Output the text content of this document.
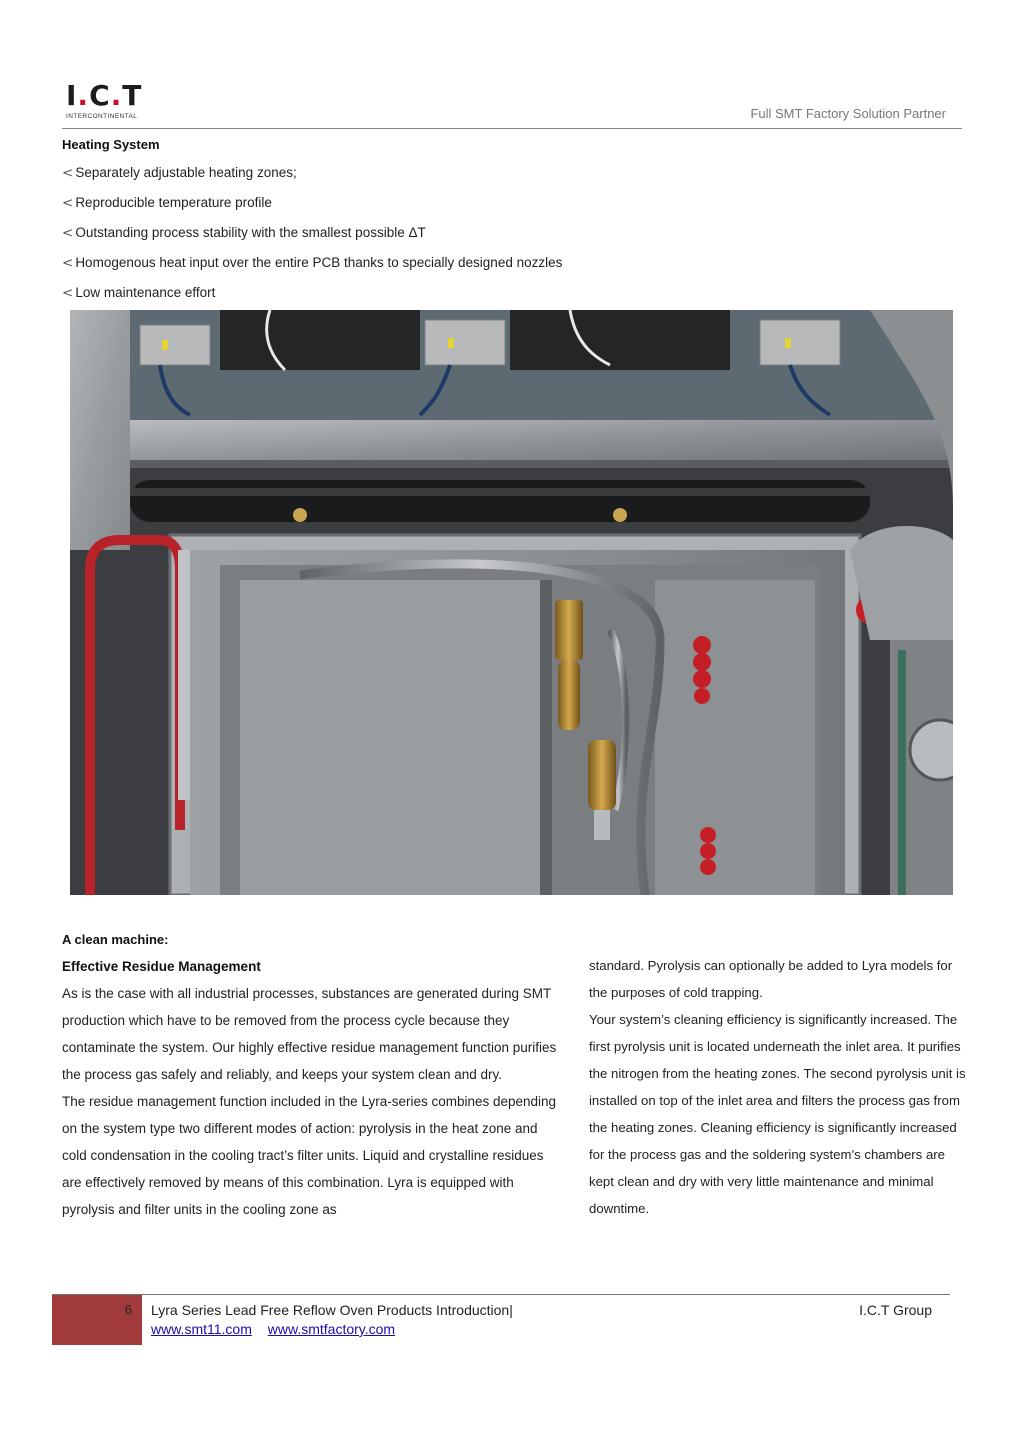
I.C.T
INTERCONTINENTAL	Full SMT Factory Solution Partner
Heating System
< Separately adjustable heating zones;
< Reproducible temperature profile
< Outstanding process stability with the smallest possible ΔT
< Homogenous heat input over the entire PCB thanks to specially designed nozzles
< Low maintenance effort
A clean machine:
Effective Residue Management

As is the case with all industrial processes, substances are generated during SMT production which have to be removed from the process cycle because they contaminate the system. Our highly effective residue management function purifies the process gas safely and reliably, and keeps your system clean and dry.

The residue management function included in the Lyra-series combines depending on the system type two different modes of action: pyrolysis in the heat zone and cold condensation in the cooling tract’s filter units. Liquid and crystalline residues are effectively removed by means of this combination. Lyra is equipped with pyrolysis and filter units in the cooling zone as

standard. Pyrolysis can optionally be added to Lyra models for the purposes of cold trapping.

Your system’s cleaning efficiency is significantly increased. The first pyrolysis unit is located underneath the inlet area. It purifies the nitrogen from the heating zones. The second pyrolysis unit is installed on top of the inlet area and filters the process gas from the heating zones. Cleaning efficiency is significantly increased for the process gas and the soldering system’s chambers are kept clean and dry with very little maintenance and minimal downtime.

6 Lyra Series Lead Free Reflow Oven Products Introduction|	I.C.T Group
www.smt11.com www.smtfactory.com
